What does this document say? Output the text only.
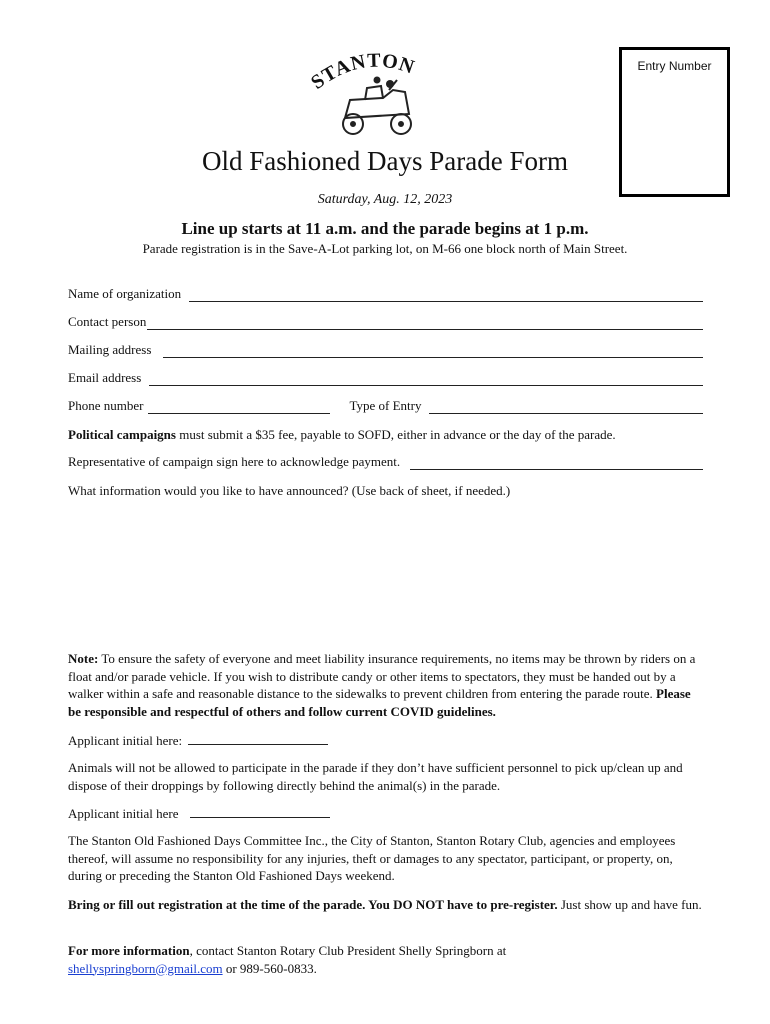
STANTON	Entry Number
Old Fashioned Days Parade Form
Saturday, Aug. 12, 2023
Line up starts at 11 a.m. and the parade begins at 1 p.m.
Parade registration is in the Save-A-Lot parking lot, on M-66 one block north of Main Street.
Name of organization
Contact person
Mailing address
Email address
Phone number	Type of Entry
Political campaigns must submit a $35 fee, payable to SOFD, either in advance or the day of the parade.
Representative of campaign sign here to acknowledge payment.
What information would you like to have announced? (Use back of sheet, if needed.)
Note: To ensure the safety of everyone and meet liability insurance requirements, no items may be thrown by riders on a float and/or parade vehicle. If you wish to distribute candy or other items to spectators, they must be handed out by a walker within a safe and reasonable distance to the sidewalks to prevent children from entering the parade route. Please be responsible and respectful of others and follow current COVID guidelines.
Applicant initial here:
Animals will not be allowed to participate in the parade if they don’t have sufficient personnel to pick up/clean up and dispose of their droppings by following directly behind the animal(s) in the parade.
Applicant initial here
The Stanton Old Fashioned Days Committee Inc., the City of Stanton, Stanton Rotary Club, agencies and employees thereof, will assume no responsibility for any injuries, theft or damages to any spectator, participant, or property, on, during or preceding the Stanton Old Fashioned Days weekend.
Bring or fill out registration at the time of the parade. You DO NOT have to pre-register. Just show up and have fun.
For more information, contact Stanton Rotary Club President Shelly Springborn at
shellyspringborn@gmail.com or 989-560-0833.
